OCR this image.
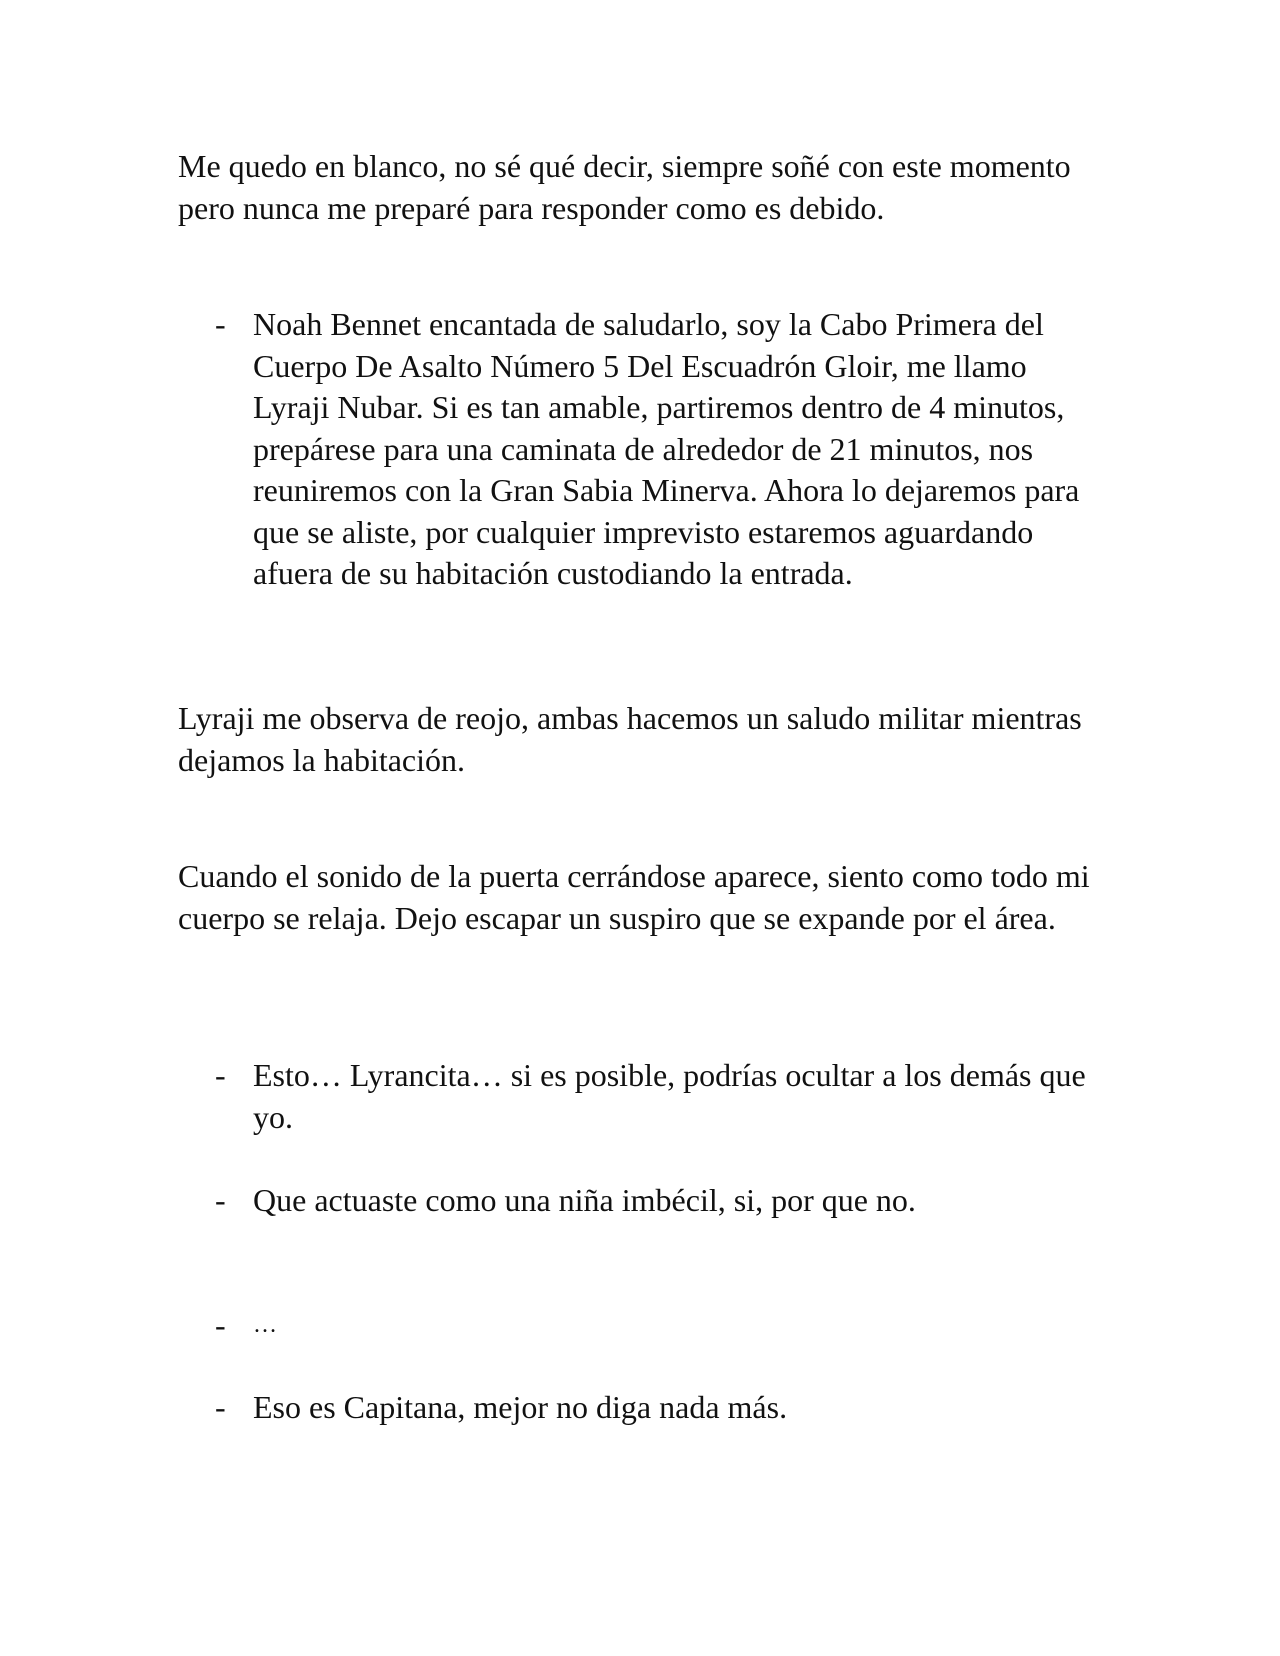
Me quedo en blanco, no sé qué decir, siempre soñé con este momento pero nunca me preparé para responder como es debido.

- Noah Bennet encantada de saludarlo, soy la Cabo Primera del Cuerpo De Asalto Número 5 Del Escuadrón Gloir, me llamo Lyraji Nubar. Si es tan amable, partiremos dentro de 4 minutos, prepárese para una caminata de alrededor de 21 minutos, nos reuniremos con la Gran Sabia Minerva. Ahora lo dejaremos para que se aliste, por cualquier imprevisto estaremos aguardando afuera de su habitación custodiando la entrada.

Lyraji me observa de reojo, ambas hacemos un saludo militar mientras dejamos la habitación.

Cuando el sonido de la puerta cerrándose aparece, siento como todo mi cuerpo se relaja. Dejo escapar un suspiro que se expande por el área.

- Esto… Lyrancita… si es posible, podrías ocultar a los demás que yo.
- Que actuaste como una niña imbécil, si, por que no.
-	…
- Eso es Capitana, mejor no diga nada más.
